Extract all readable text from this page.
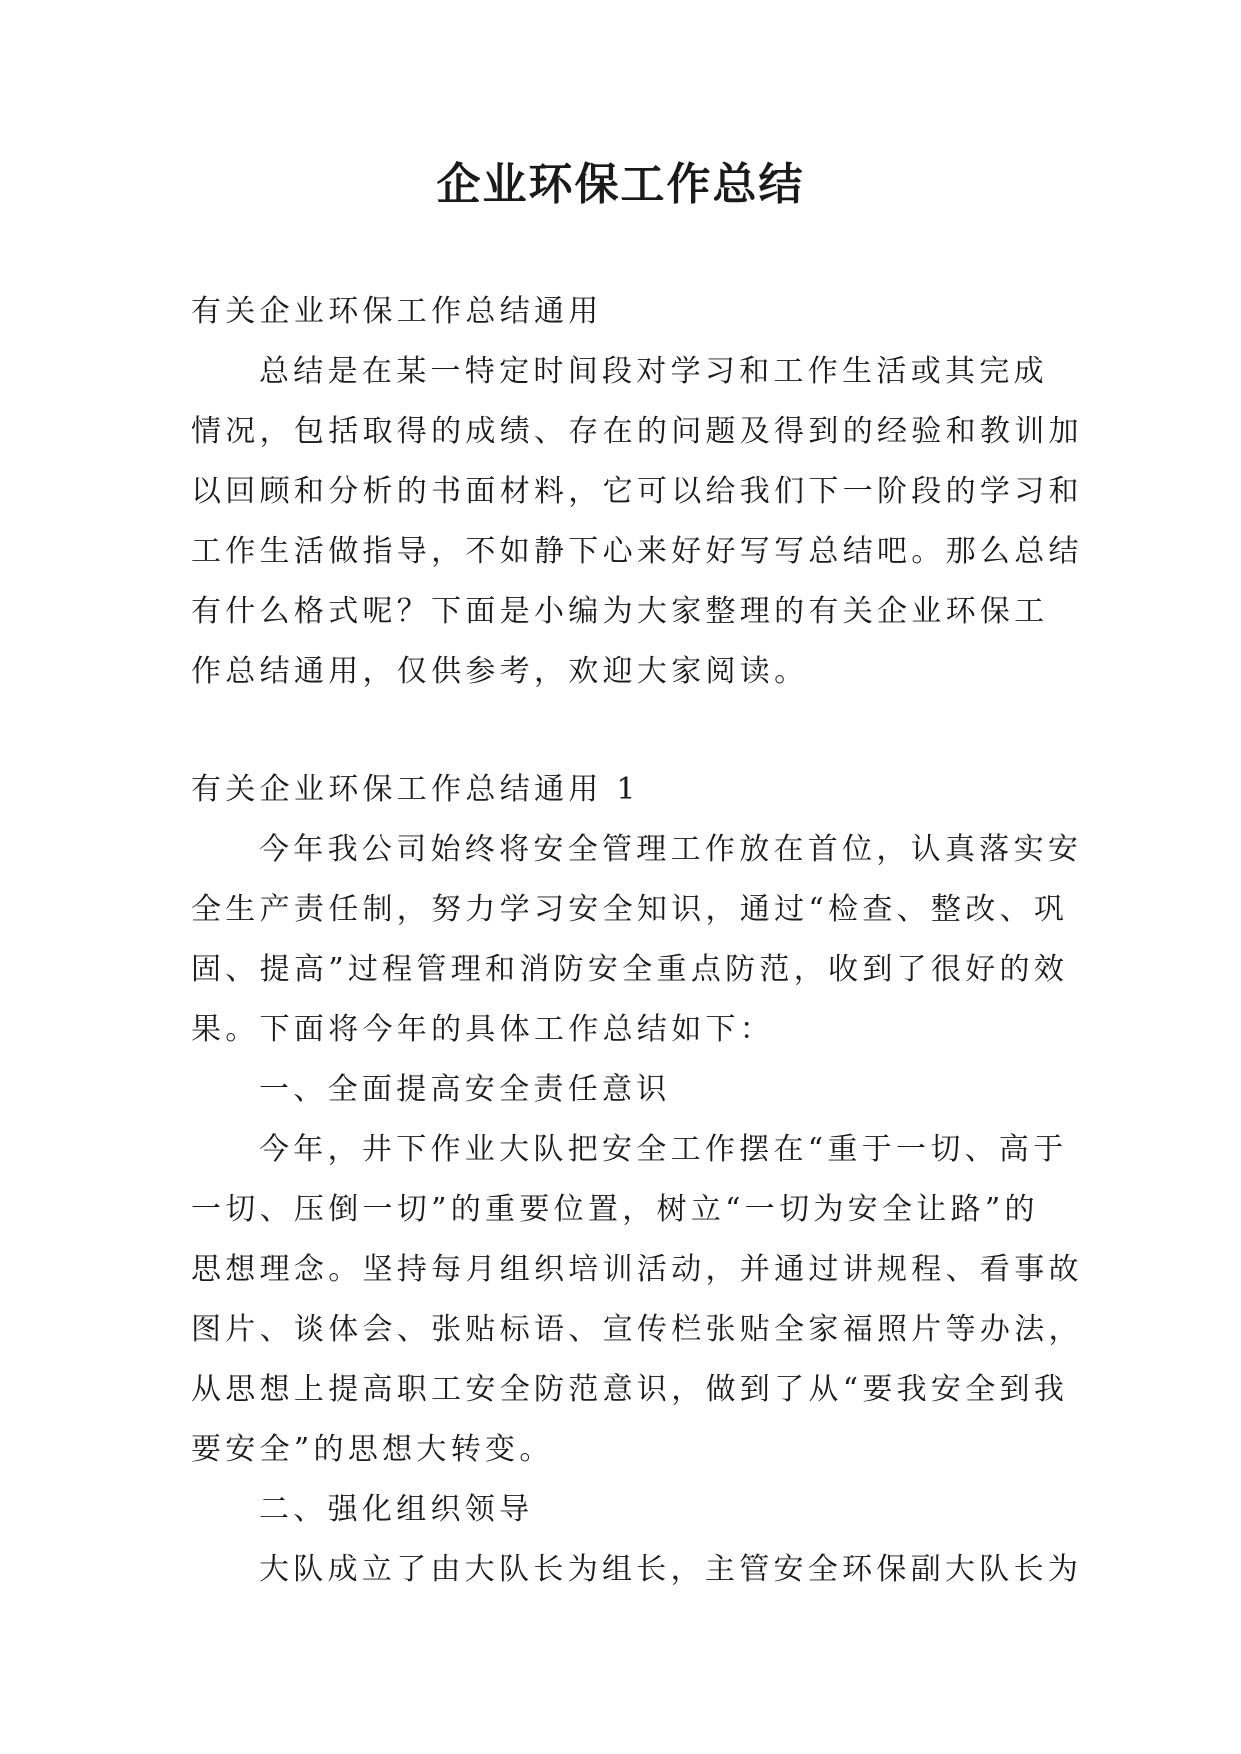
企业环保工作总结
有关企业环保工作总结通用
总结是在某一特定时间段对学习和工作生活或其完成
情况，包括取得的成绩、存在的问题及得到的经验和教训加
以回顾和分析的书面材料，它可以给我们下一阶段的学习和
工作生活做指导，不如静下心来好好写写总结吧。那么总结
有什么格式呢？下面是小编为大家整理的有关企业环保工
作总结通用，仅供参考，欢迎大家阅读。
有关企业环保工作总结通用 1
今年我公司始终将安全管理工作放在首位，认真落实安
全生产责任制，努力学习安全知识，通过“检查、整改、巩
固、提高”过程管理和消防安全重点防范，收到了很好的效
果。下面将今年的具体工作总结如下：
一、全面提高安全责任意识
今年，井下作业大队把安全工作摆在“重于一切、高于
一切、压倒一切”的重要位置，树立“一切为安全让路”的
思想理念。坚持每月组织培训活动，并通过讲规程、看事故
图片、谈体会、张贴标语、宣传栏张贴全家福照片等办法，
从思想上提高职工安全防范意识，做到了从“要我安全到我
要安全”的思想大转变。
二、强化组织领导
大队成立了由大队长为组长，主管安全环保副大队长为
